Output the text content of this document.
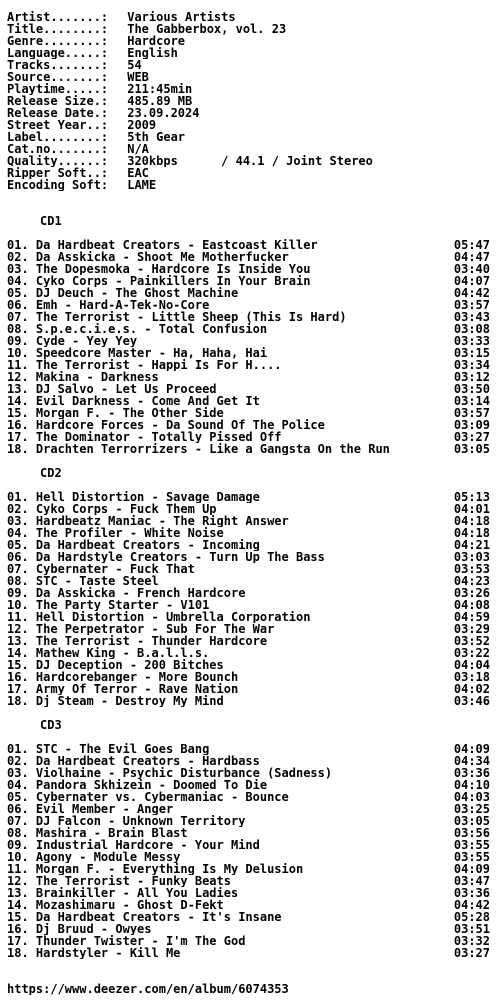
Artist.......: Various Artists
Title........: The Gabberbox, vol. 23
Genre........: Hardcore
Language.....: English
Tracks.......: 54
Source.......: WEB
Playtime.....: 211:45min
Release Size.: 485.89 MB
Release Date.: 23.09.2024
Street Year..: 2009
Label........: 5th Gear
Cat.no.......: N/A
Quality......: 320kbps      / 44.1 / Joint Stereo
Ripper Soft..: EAC
Encoding Soft: LAME
CD1
01. Da Hardbeat Creators - Eastcoast Killer	05:47
02. Da Asskicka - Shoot Me Motherfucker	04:47
03. The Dopesmoka - Hardcore Is Inside You	03:40
04. Cyko Corps - Painkillers In Your Brain	04:07
05. DJ Deuch - The Ghost Machine	04:42
06. Emh - Hard-A-Tek-No-Core	03:57
07. The Terrorist - Little Sheep (This Is Hard)	03:43
08. S.p.e.c.i.e.s. - Total Confusion	03:08
09. Cyde - Yey Yey	03:33
10. Speedcore Master - Ha, Haha, Hai	03:15
11. The Terrorist - Happi Is For H....	03:34
12. Makina - Darkness	03:12
13. DJ Salvo - Let Us Proceed	03:50
14. Evil Darkness - Come And Get It	03:14
15. Morgan F. - The Other Side	03:57
16. Hardcore Forces - Da Sound Of The Police	03:09
17. The Dominator - Totally Pissed Off	03:27
18. Drachten Terrorrizers - Like a Gangsta On the Run	03:05
CD2
01. Hell Distortion - Savage Damage	05:13
02. Cyko Corps - Fuck Them Up	04:01
03. Hardbeatz Maniac - The Right Answer	04:18
04. The Profiler - White Noise	04:18
05. Da Hardbeat Creators - Incoming	04:21
06. Da Hardstyle Creators - Turn Up The Bass	03:03
07. Cybernater - Fuck That	03:53
08. STC - Taste Steel	04:23
09. Da Asskicka - French Hardcore	03:26
10. The Party Starter - V101	04:08
11. Hell Distortion - Umbrella Corporation	04:59
12. The Perpetrator - Sub For The War	03:29
13. The Terrorist - Thunder Hardcore	03:52
14. Mathew King - B.a.l.l.s.	03:22
15. DJ Deception - 200 Bitches	04:04
16. Hardcorebanger - More Bounch	03:18
17. Army Of Terror - Rave Nation	04:02
18. Dj Steam - Destroy My Mind	03:46
CD3
01. STC - The Evil Goes Bang	04:09
02. Da Hardbeat Creators - Hardbass	04:34
03. Violhaine - Psychic Disturbance (Sadness)	03:36
04. Pandora Skhizein - Doomed To Die	04:10
05. Cybernater vs. Cybermaniac - Bounce	04:03
06. Evil Member - Anger	03:25
07. DJ Falcon - Unknown Territory	03:05
08. Mashira - Brain Blast	03:56
09. Industrial Hardcore - Your Mind	03:55
10. Agony - Module Messy	03:55
11. Morgan F. - Everything Is My Delusion	04:09
12. The Terrorist - Funky Beats	03:47
13. Brainkiller - All You Ladies	03:36
14. Mozashimaru - Ghost D-Fekt	04:42
15. Da Hardbeat Creators - It's Insane	05:28
16. Dj Bruud - Owyes	03:51
17. Thunder Twister - I'm The God	03:32
18. Hardstyler - Kill Me	03:27
https://www.deezer.com/en/album/6074353
